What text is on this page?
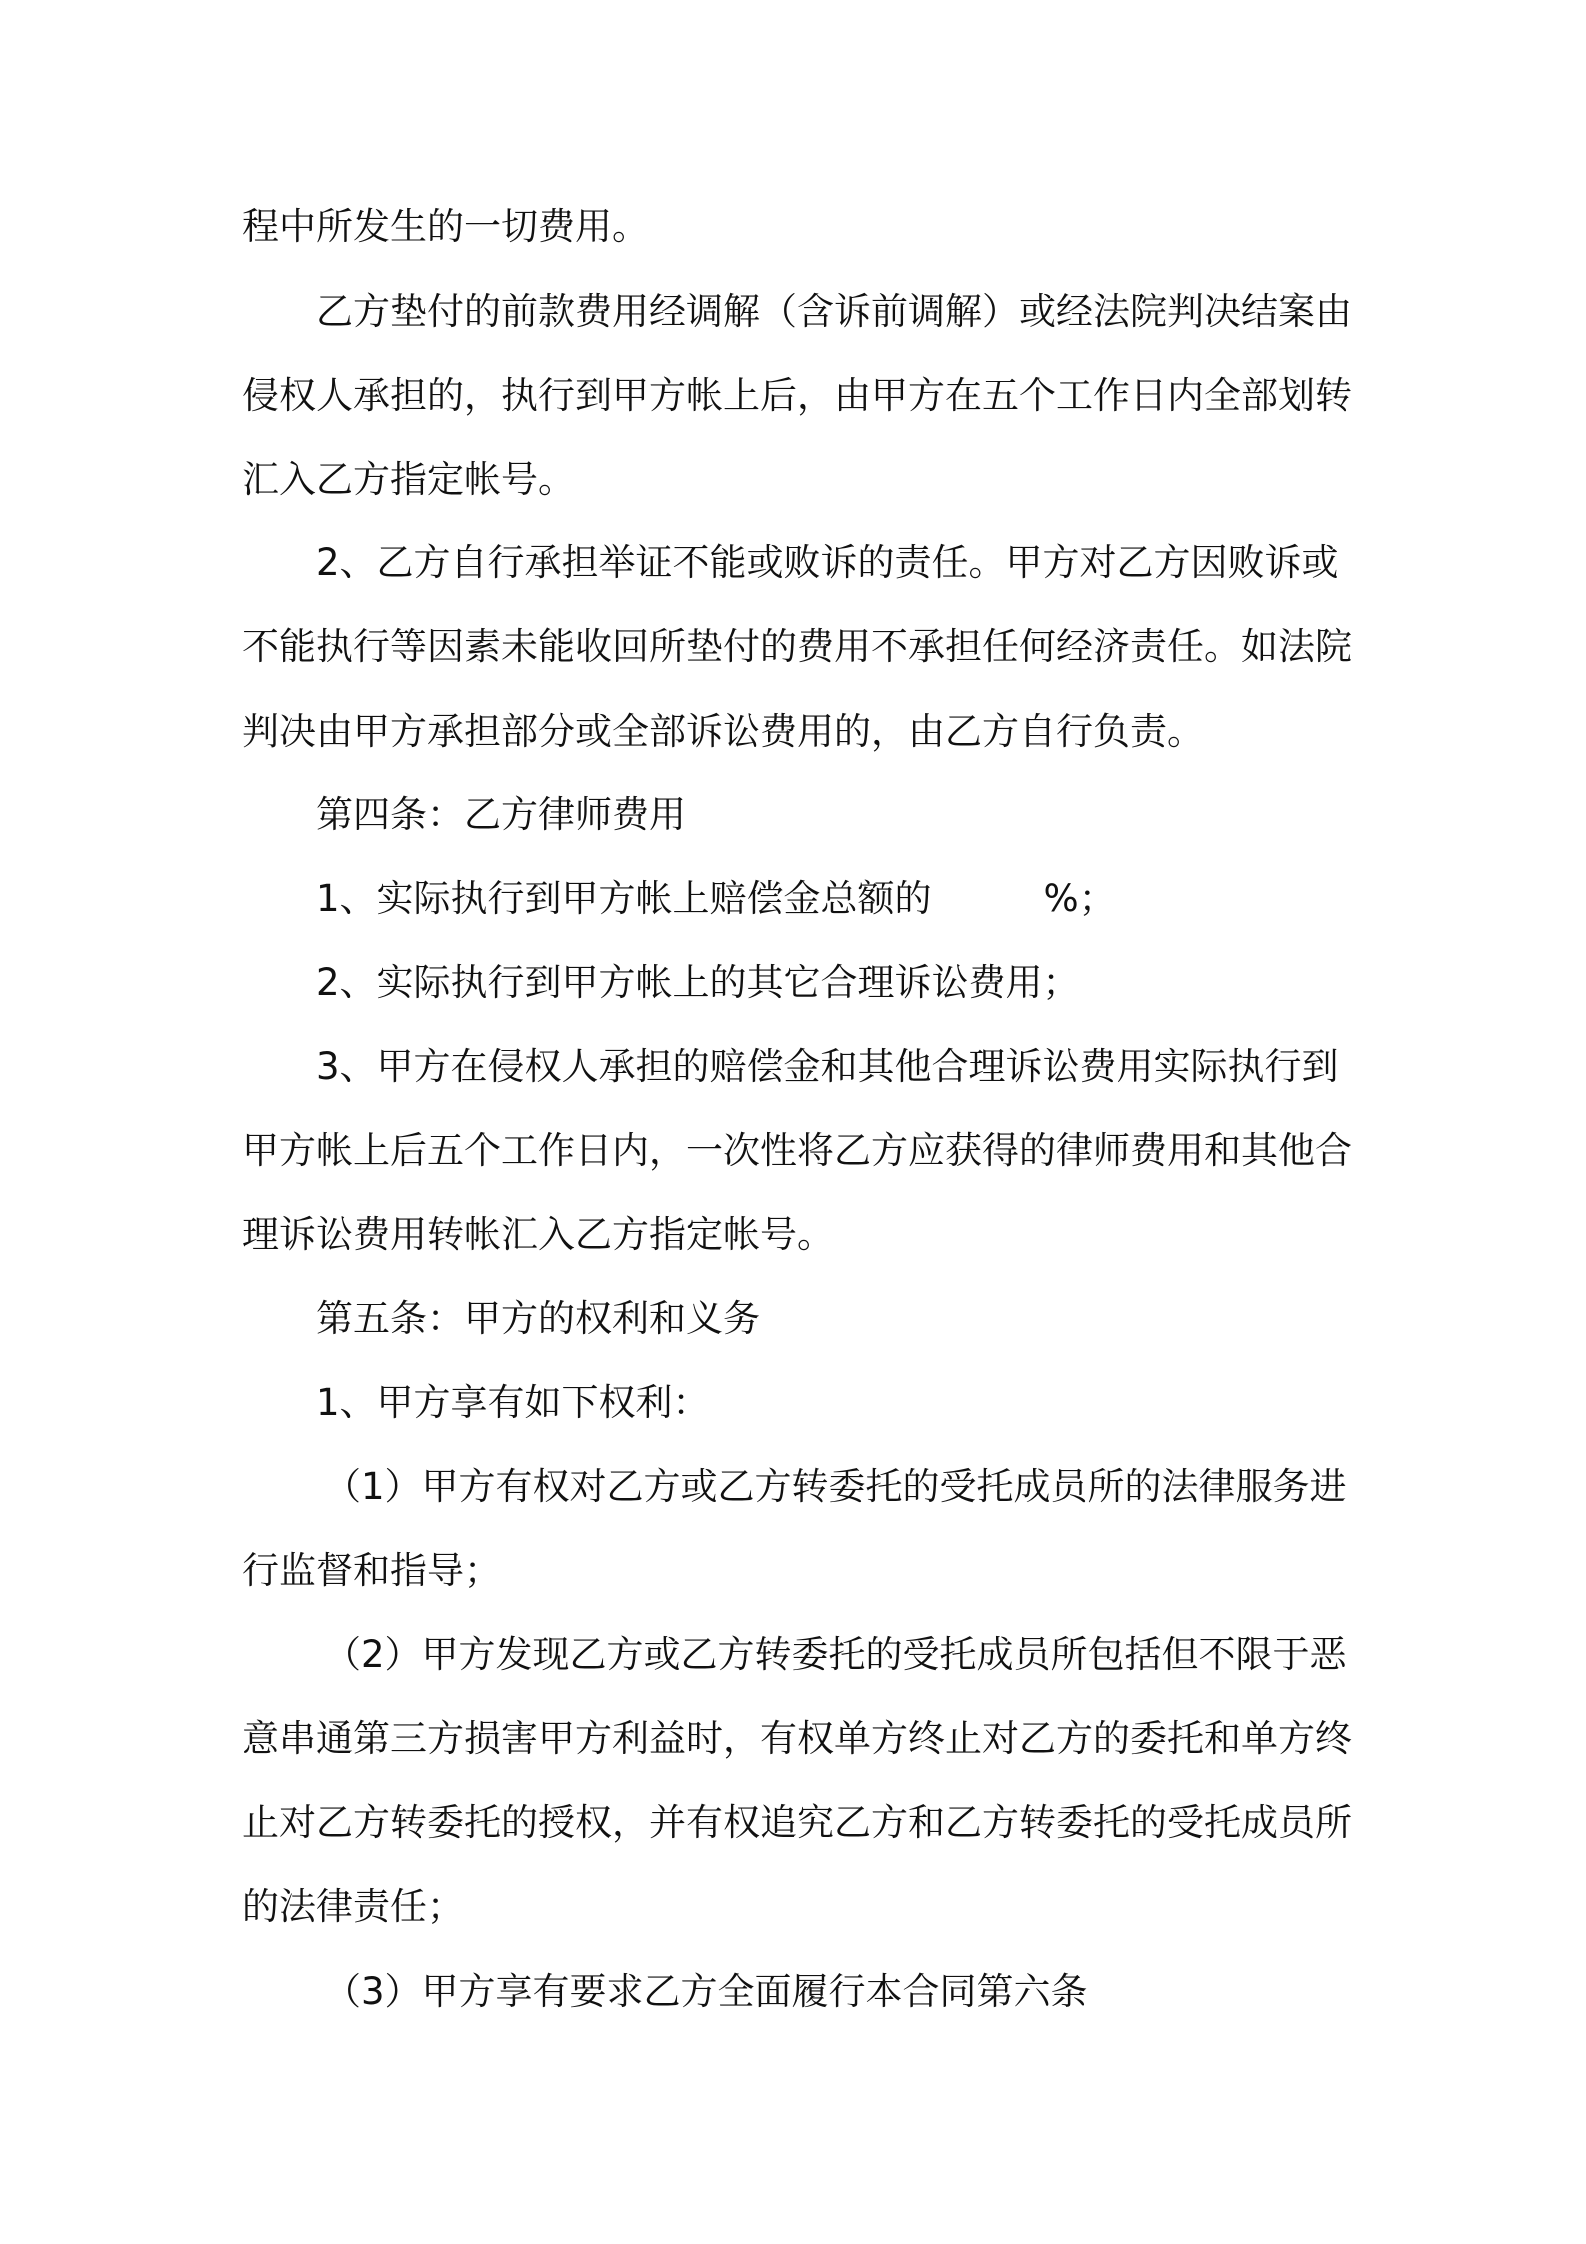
程中所发生的一切费用。

乙方垫付的前款费用经调解（含诉前调解）或经法院判决结案由

侵权人承担的，执行到甲方帐上后，由甲方在五个工作日内全部划转

汇入乙方指定帐号。

2、乙方自行承担举证不能或败诉的责任。甲方对乙方因败诉或

不能执行等因素未能收回所垫付的费用不承担任何经济责任。如法院

判决由甲方承担部分或全部诉讼费用的，由乙方自行负责。

第四条：乙方律师费用

1、实际执行到甲方帐上赔偿金总额的	%；

2、实际执行到甲方帐上的其它合理诉讼费用；

3、甲方在侵权人承担的赔偿金和其他合理诉讼费用实际执行到

甲方帐上后五个工作日内，一次性将乙方应获得的律师费用和其他合

理诉讼费用转帐汇入乙方指定帐号。

第五条：甲方的权利和义务

1、甲方享有如下权利：

（1）甲方有权对乙方或乙方转委托的受托成员所的法律服务进

行监督和指导；

（2）甲方发现乙方或乙方转委托的受托成员所包括但不限于恶

意串通第三方损害甲方利益时，有权单方终止对乙方的委托和单方终

止对乙方转委托的授权，并有权追究乙方和乙方转委托的受托成员所

的法律责任；

（3）甲方享有要求乙方全面履行本合同第六条
